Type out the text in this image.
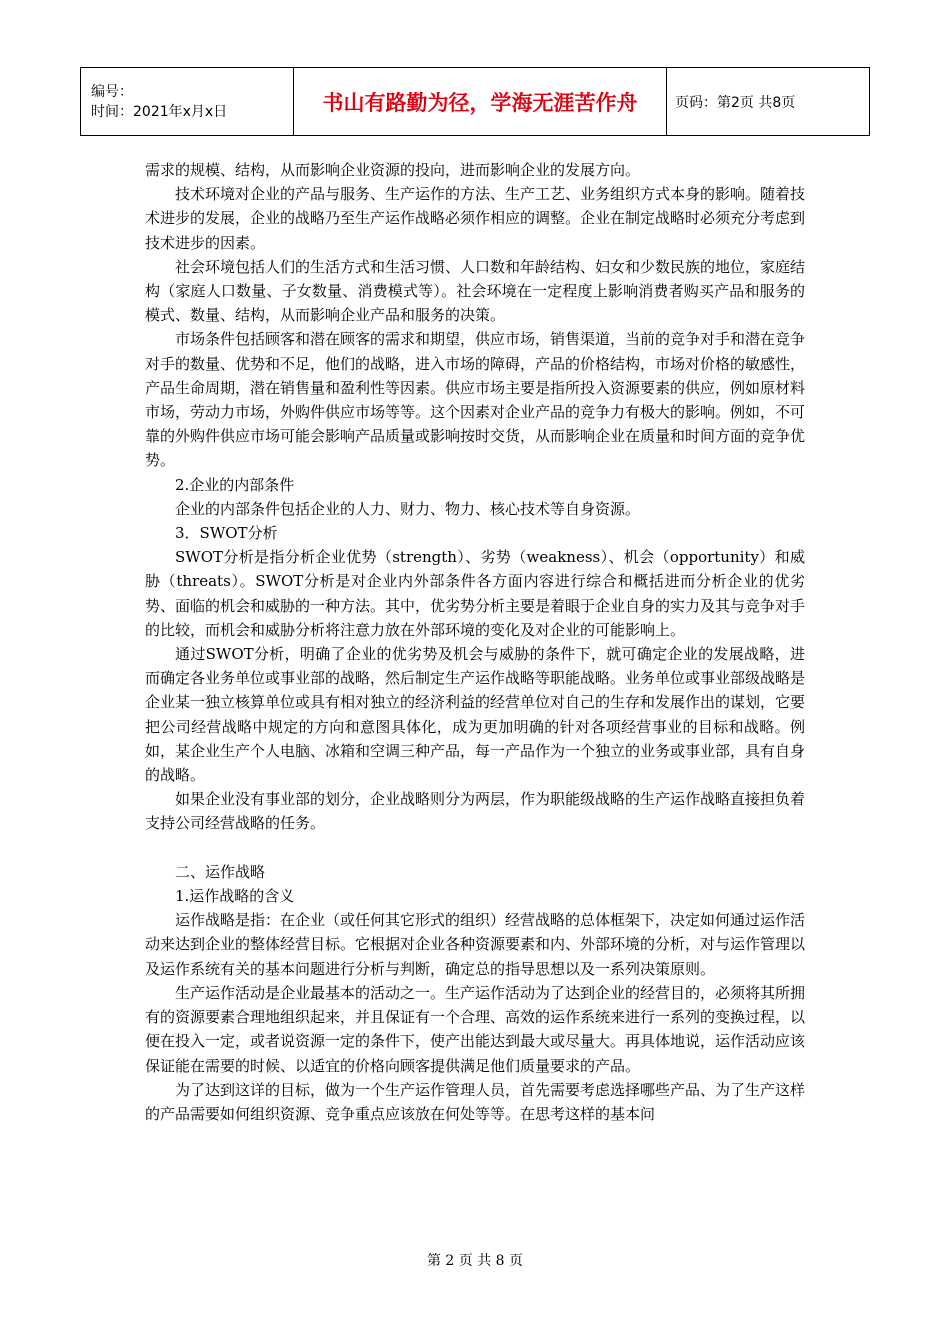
编号：
时间：2021年x月x日	书山有路勤为径，学海无涯苦作舟	页码：第2页 共8页

需求的规模、结构，从而影响企业资源的投向，进而影响企业的发展方向。

技术环境对企业的产品与服务、生产运作的方法、生产工艺、业务组织方式本身的影响。随着技术进步的发展，企业的战略乃至生产运作战略必须作相应的调整。企业在制定战略时必须充分考虑到技术进步的因素。

社会环境包括人们的生活方式和生活习惯、人口数和年龄结构、妇女和少数民族的地位，家庭结构（家庭人口数量、子女数量、消费模式等）。社会环境在一定程度上影响消费者购买产品和服务的模式、数量、结构，从而影响企业产品和服务的决策。

市场条件包括顾客和潜在顾客的需求和期望，供应市场，销售渠道，当前的竞争对手和潜在竞争对手的数量、优势和不足，他们的战略，进入市场的障碍，产品的价格结构，市场对价格的敏感性，产品生命周期，潜在销售量和盈利性等因素。供应市场主要是指所投入资源要素的供应，例如原材料市场，劳动力市场，外购件供应市场等等。这个因素对企业产品的竞争力有极大的影响。例如，不可靠的外购件供应市场可能会影响产品质量或影响按时交货，从而影响企业在质量和时间方面的竞争优势。

2.企业的内部条件

企业的内部条件包括企业的人力、财力、物力、核心技术等自身资源。

3．SWOT分析

SWOT分析是指分析企业优势（strength）、劣势（weakness）、机会（opportunity）和威胁（threats）。SWOT分析是对企业内外部条件各方面内容进行综合和概括进而分析企业的优劣势、面临的机会和威胁的一种方法。其中，优劣势分析主要是着眼于企业自身的实力及其与竞争对手的比较，而机会和威胁分析将注意力放在外部环境的变化及对企业的可能影响上。

通过SWOT分析，明确了企业的优劣势及机会与威胁的条件下，就可确定企业的发展战略，进而确定各业务单位或事业部的战略，然后制定生产运作战略等职能战略。业务单位或事业部级战略是企业某一独立核算单位或具有相对独立的经济利益的经营单位对自己的生存和发展作出的谋划，它要把公司经营战略中规定的方向和意图具体化，成为更加明确的针对各项经营事业的目标和战略。例如，某企业生产个人电脑、冰箱和空调三种产品，每一产品作为一个独立的业务或事业部，具有自身的战略。

如果企业没有事业部的划分，企业战略则分为两层，作为职能级战略的生产运作战略直接担负着支持公司经营战略的任务。

二、运作战略

1.运作战略的含义

运作战略是指：在企业（或任何其它形式的组织）经营战略的总体框架下，决定如何通过运作活动来达到企业的整体经营目标。它根据对企业各种资源要素和内、外部环境的分析，对与运作管理以及运作系统有关的基本问题进行分析与判断，确定总的指导思想以及一系列决策原则。

生产运作活动是企业最基本的活动之一。生产运作活动为了达到企业的经营目的，必须将其所拥有的资源要素合理地组织起来，并且保证有一个合理、高效的运作系统来进行一系列的变换过程，以便在投入一定，或者说资源一定的条件下，使产出能达到最大或尽量大。再具体地说，运作活动应该保证能在需要的时候、以适宜的价格向顾客提供满足他们质量要求的产品。

为了达到这详的目标，做为一个生产运作管理人员，首先需要考虑选择哪些产品、为了生产这样的产品需要如何组织资源、竞争重点应该放在何处等等。在思考这样的基本问

第 2 页 共 8 页
